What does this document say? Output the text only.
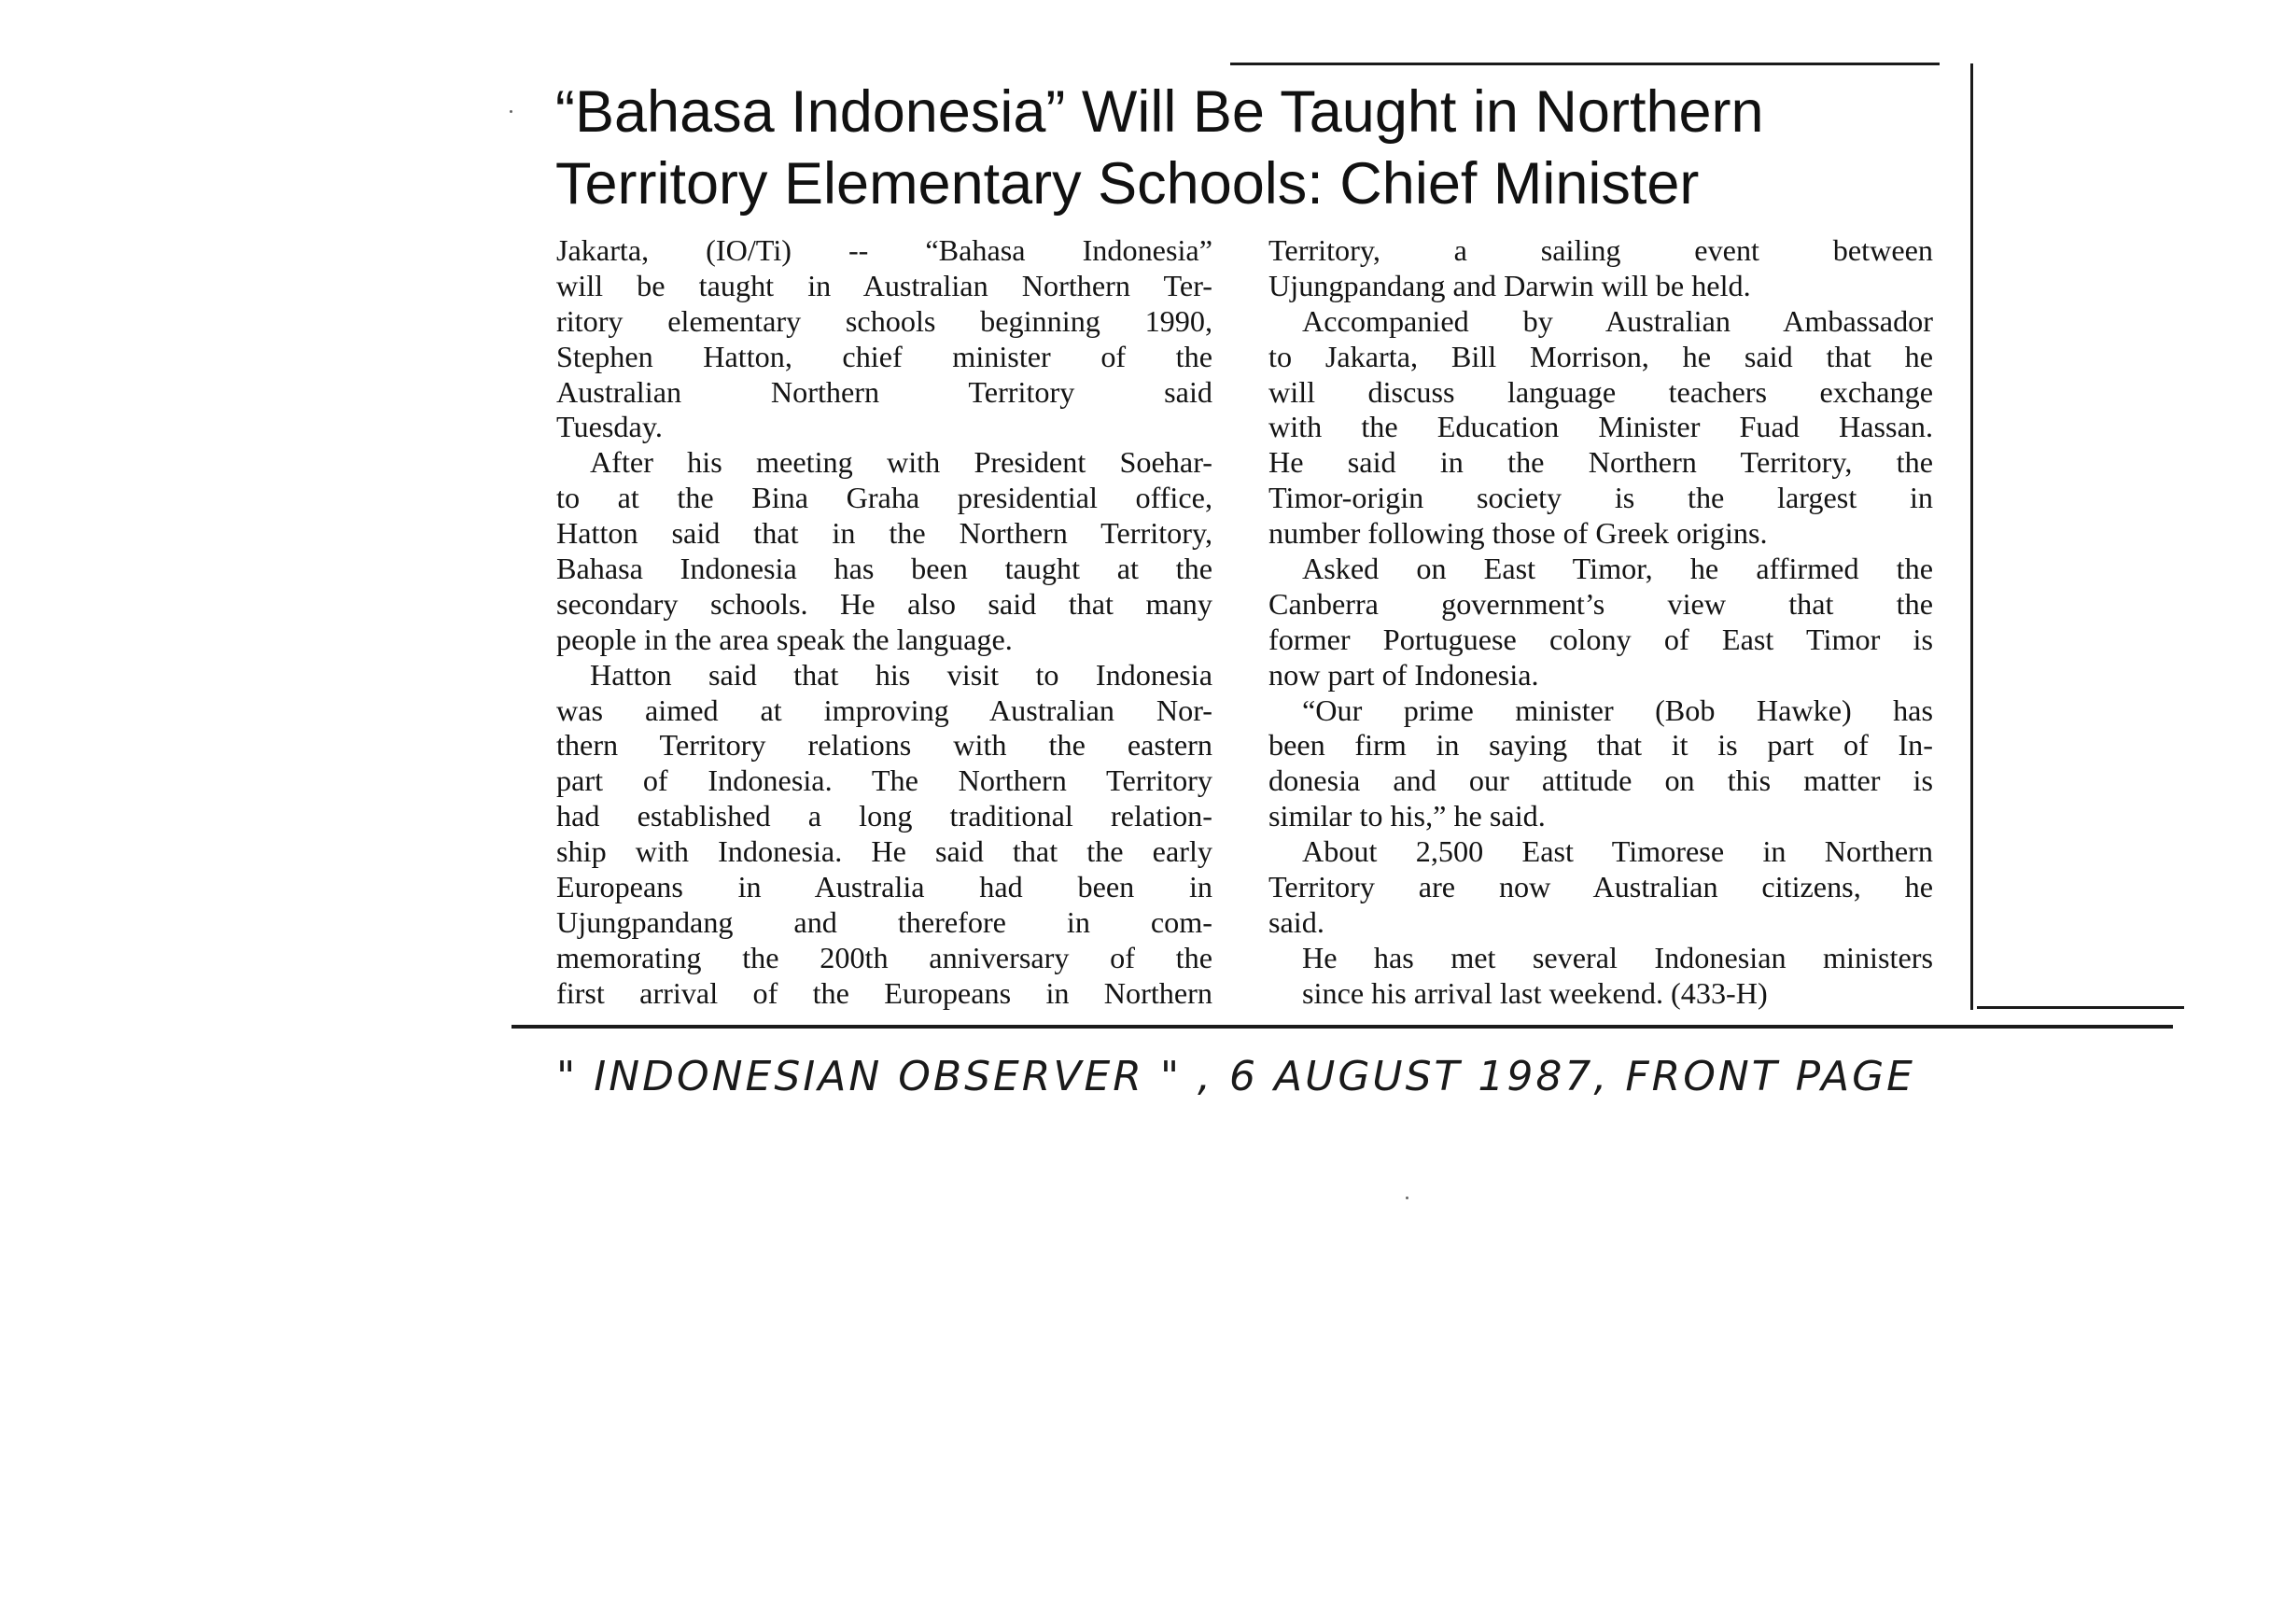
“Bahasa Indonesia” Will Be Taught in Northern
Territory Elementary Schools: Chief Minister
Jakarta, (IO/Ti) -- “Bahasa Indonesia”
will be taught in Australian Northern Ter-
ritory elementary schools beginning 1990,
Stephen Hatton, chief minister of the
Australian Northern Territory said
Tuesday.
After his meeting with President Soehar-
to at the Bina Graha presidential office,
Hatton said that in the Northern Territory,
Bahasa Indonesia has been taught at the
secondary schools. He also said that many
people in the area speak the language.
Hatton said that his visit to Indonesia
was aimed at improving Australian Nor-
thern Territory relations with the eastern
part of Indonesia. The Northern Territory
had established a long traditional relation-
ship with Indonesia. He said that the early
Europeans in Australia had been in
Ujungpandang and therefore in com-
memorating the 200th anniversary of the
first arrival of the Europeans in Northern
Territory, a sailing event between
Ujungpandang and Darwin will be held.
Accompanied by Australian Ambassador
to Jakarta, Bill Morrison, he said that he
will discuss language teachers exchange
with the Education Minister Fuad Hassan.
He said in the Northern Territory, the
Timor-origin society is the largest in
number following those of Greek origins.
Asked on East Timor, he affirmed the
Canberra government’s view that the
former Portuguese colony of East Timor is
now part of Indonesia.
“Our prime minister (Bob Hawke) has
been firm in saying that it is part of In-
donesia and our attitude on this matter is
similar to his,” he said.
About 2,500 East Timorese in Northern
Territory are now Australian citizens, he
said.
He has met several Indonesian ministers
since his arrival last weekend. (433-H)
" INDONESIAN OBSERVER " , 6 AUGUST 1987, FRONT PAGE
